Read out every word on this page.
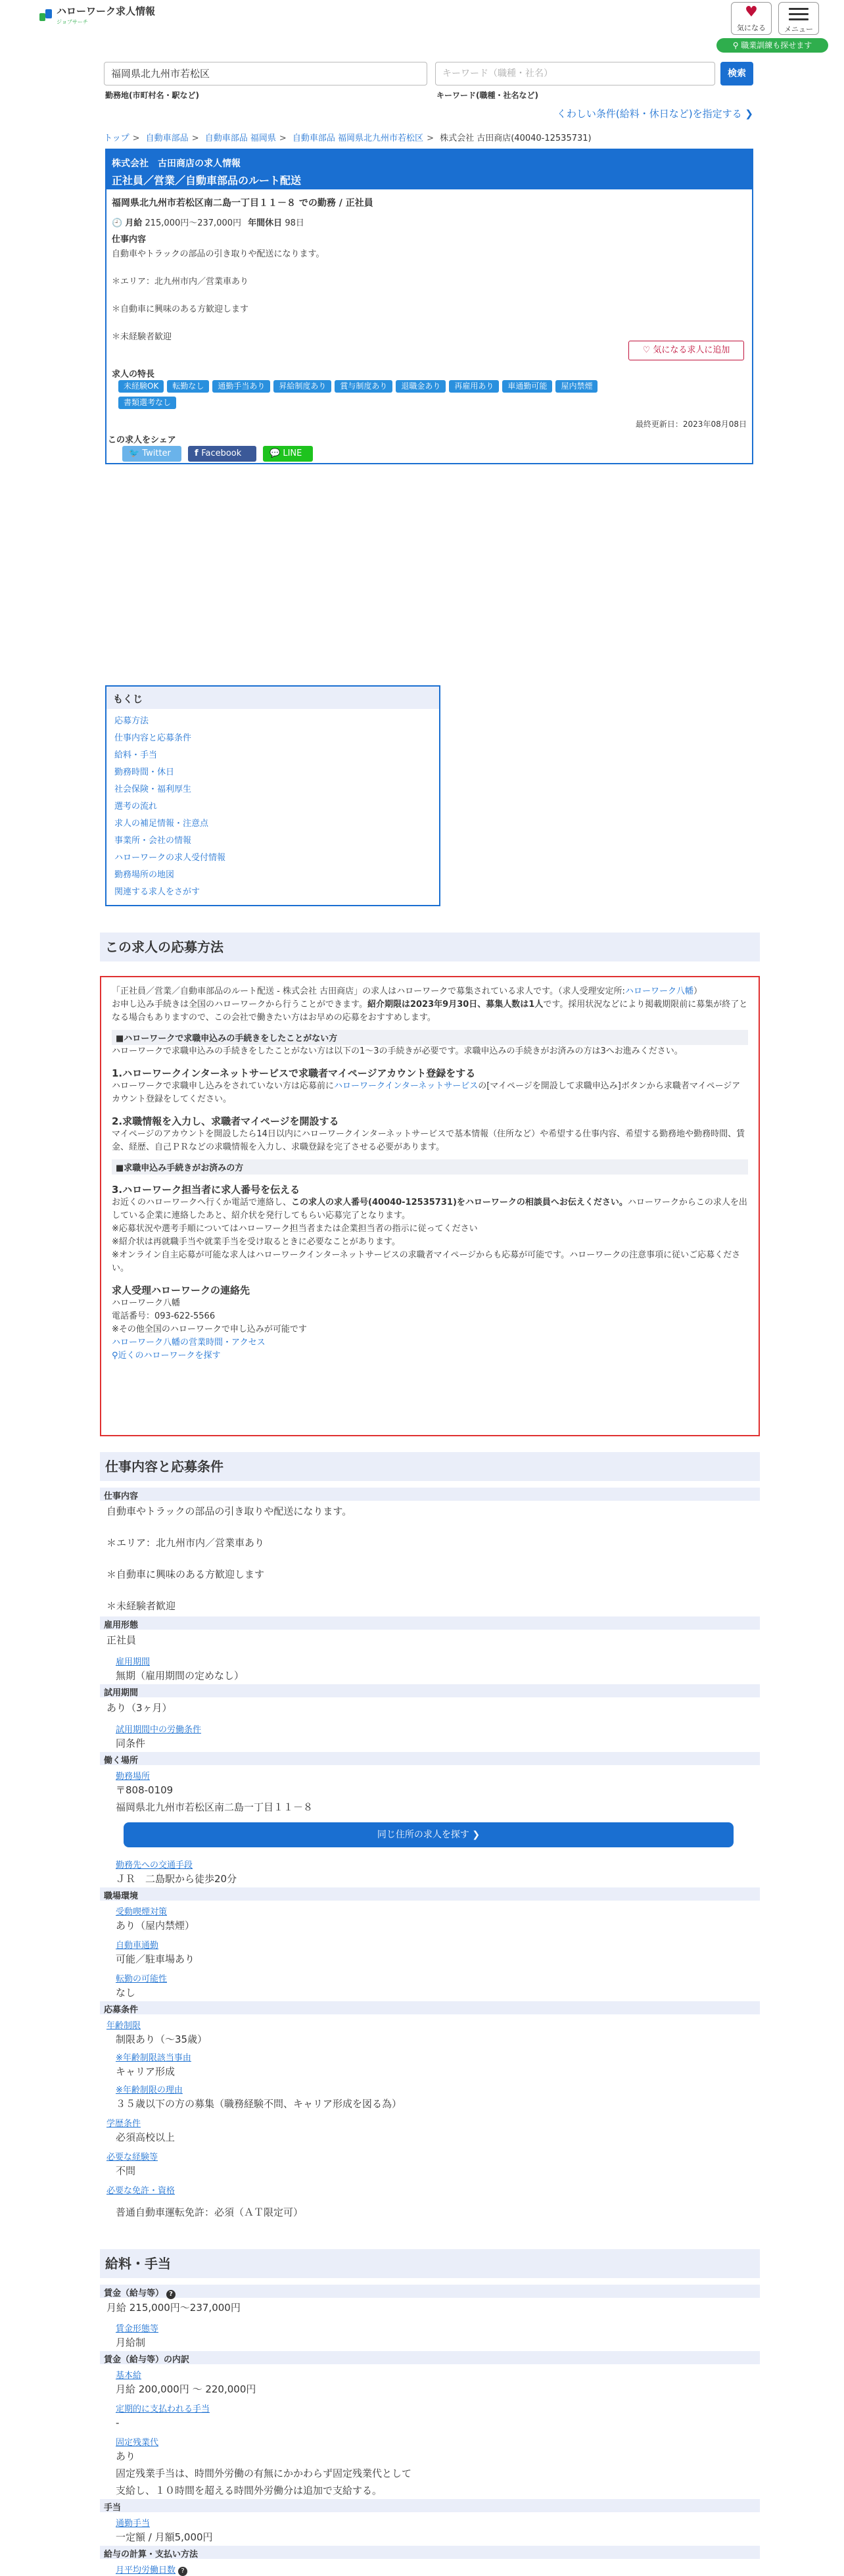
ハローワーク求人情報
ジョブサーチ
♥
気になる	メニュー
⚲ 職業訓練も探せます
福岡県北九州市若松区	キーワード（職種・社名）	検索
勤務地(市町村名・駅など)	キーワード(職種・社名など)
くわしい条件(給料・休日など)を指定する ❯
トップ > 自動車部品 > 自動車部品 福岡県 > 自動車部品 福岡県北九州市若松区 > 株式会社 古田商店(40040-12535731)
株式会社　古田商店の求人情報
正社員／営業／自動車部品のルート配送
福岡県北九州市若松区南二島一丁目１１－８ での勤務 / 正社員
🕘 月給 215,000円〜237,000円 年間休日 98日
仕事内容
自動車やトラックの部品の引き取りや配送になります。

＊エリア：北九州市内／営業車あり

＊自動車に興味のある方歓迎します

＊未経験者歓迎
♡ 気になる求人に追加
求人の特長
未経験OK 転勤なし 通勤手当あり 昇給制度あり 賞与制度あり 退職金あり 再雇用あり 車通勤可能 屋内禁煙
書類選考なし
最終更新日：2023年08月08日
この求人をシェア
🐦 Twitter	f Facebook	💬 LINE
もくじ
応募方法
仕事内容と応募条件
給料・手当
勤務時間・休日
社会保険・福利厚生
選考の流れ
求人の補足情報・注意点
事業所・会社の情報
ハローワークの求人受付情報
勤務場所の地図
関連する求人をさがす
この求人の応募方法

「正社員／営業／自動車部品のルート配送 - 株式会社 古田商店」の求人はハローワークで募集されている求人です。（求人受理安定所:ハローワーク八幡）
お申し込み手続きは全国のハローワークから行うことができます。紹介期限は2023年9月30日、募集人数は1人です。採用状況などにより掲載期限前に募集が終了となる場合もありますので、この会社で働きたい方はお早めの応募をおすすめします。

■ハローワークで求職申込みの手続きをしたことがない方

ハローワークで求職申込みの手続きをしたことがない方は以下の1〜3の手続きが必要です。求職申込みの手続きがお済みの方は3へお進みください。

1.ハローワークインターネットサービスで求職者マイページアカウント登録をする

ハローワークで求職申し込みをされていない方は応募前にハローワークインターネットサービスの[マイページを開設して求職申込み]ボタンから求職者マイページアカウント登録をしてください。

2.求職情報を入力し、求職者マイページを開設する

マイページのアカウントを開設したら14日以内にハローワークインターネットサービスで基本情報（住所など）や希望する仕事内容、希望する勤務地や勤務時間、賃金、経歴、自己ＰＲなどの求職情報を入力し、求職登録を完了させる必要があります。

■求職申込み手続きがお済みの方
3.ハローワーク担当者に求人番号を伝える

お近くのハローワークへ行くか電話で連絡し、この求人の求人番号(40040-12535731)をハローワークの相談員へお伝えください。ハローワークからこの求人を出している企業に連絡したあと、紹介状を発行してもらい応募完了となります。

※応募状況や選考手順についてはハローワーク担当者または企業担当者の指示に従ってください

※紹介状は再就職手当や就業手当を受け取るときに必要なことがあります。

※オンライン自主応募が可能な求人はハローワークインターネットサービスの求職者マイページからも応募が可能です。ハローワークの注意事項に従いご応募ください。

求人受理ハローワークの連絡先

ハローワーク八幡

電話番号：093-622-5566

※その他全国のハローワークで申し込みが可能です

ハローワーク八幡の営業時間・アクセス

⚲近くのハローワークを探す

仕事内容と応募条件
仕事内容
自動車やトラックの部品の引き取りや配送になります。

＊エリア：北九州市内／営業車あり

＊自動車に興味のある方歓迎します

＊未経験者歓迎
雇用形態
正社員
雇用期間
無期（雇用期間の定めなし）
試用期間
あり（3ヶ月）
試用期間中の労働条件
同条件
働く場所
勤務場所
〒808-0109
福岡県北九州市若松区南二島一丁目１１－８
同じ住所の求人を探す ❯
勤務先への交通手段
ＪＲ　二島駅から徒歩20分
職場環境
受動喫煙対策
あり（屋内禁煙）
自動車通勤
可能／駐車場あり
転勤の可能性
なし
応募条件
年齢制限
制限あり（〜35歳）
※年齢制限該当事由
キャリア形成
※年齢制限の理由
３５歳以下の方の募集（職務経験不問、キャリア形成を図る為）
学歴条件
必須高校以上
必要な経験等
不問
必要な免許・資格
普通自動車運転免許：必須（ＡＴ限定可）
給料・手当
賃金（給与等） ?
月給 215,000円〜237,000円
賃金形態等
月給制
賃金（給与等）の内訳
基本給
月給 200,000円 〜 220,000円
定期的に支払われる手当
-
固定残業代
あり
固定残業手当は、時間外労働の有無にかかわらず固定残業代として
支給し、１０時間を超える時間外労働分は追加で支給する。
手当
通勤手当
一定額 / 月額5,000円
給与の計算・支払い方法
月平均労働日数 ?
